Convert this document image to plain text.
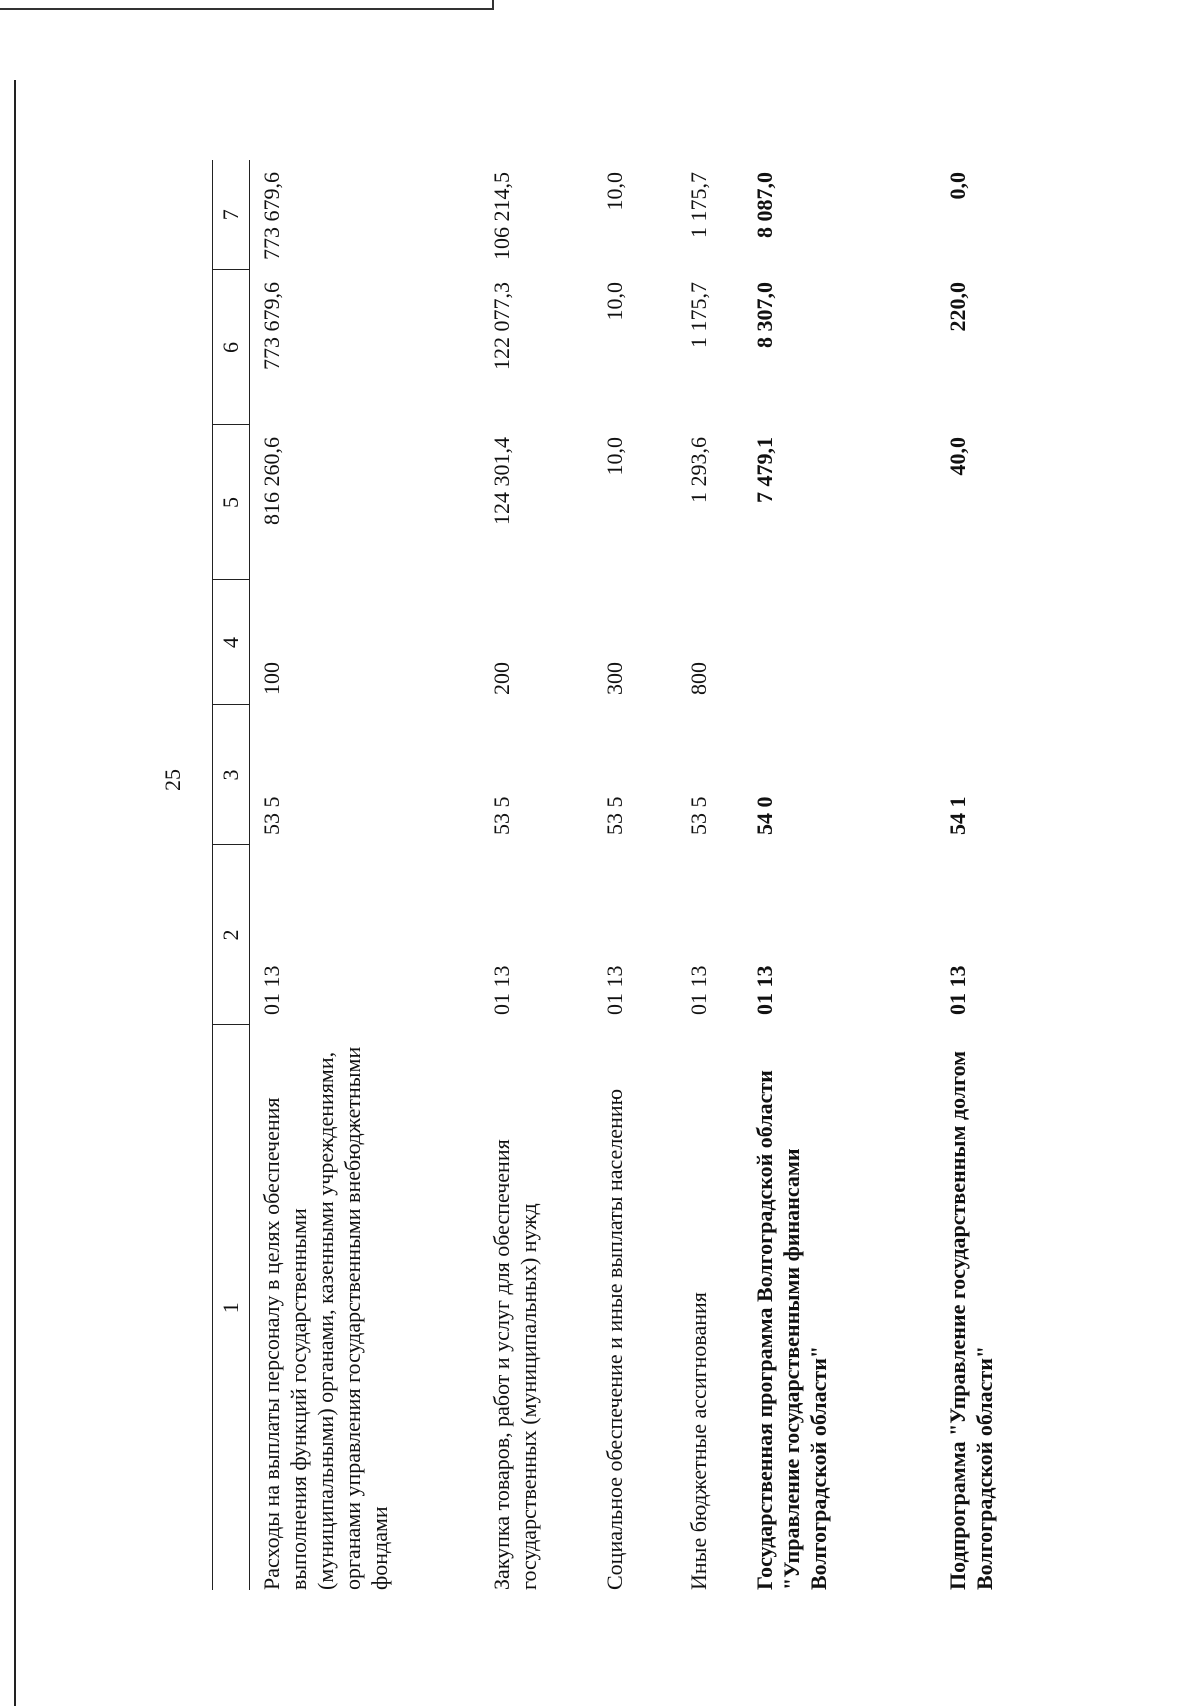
25
1	2	3	4	5	6	7
Расходы на выплаты персоналу в целях обеспечения выполнения функций государственными (муниципальными) органами, казенными учреждениями, органами управления государственными внебюджетными фондами	01 13	53 5	100	816 260,6	773 679,6	773 679,6
Закупка товаров, работ и услуг для обеспечения государственных (муниципальных) нужд	01 13	53 5	200	124 301,4	122 077,3	106 214,5
Социальное обеспечение и иные выплаты населению	01 13	53 5	300	10,0	10,0	10,0
Иные бюджетные ассигнования	01 13	53 5	800	1 293,6	1 175,7	1 175,7
Государственная программа Волгоградской области "Управление государственными финансами Волгоградской области"	01 13	54 0		7 479,1	8 307,0	8 087,0
Подпрограмма "Управление государственным долгом Волгоградской области"	01 13	54 1		40,0	220,0	0,0
